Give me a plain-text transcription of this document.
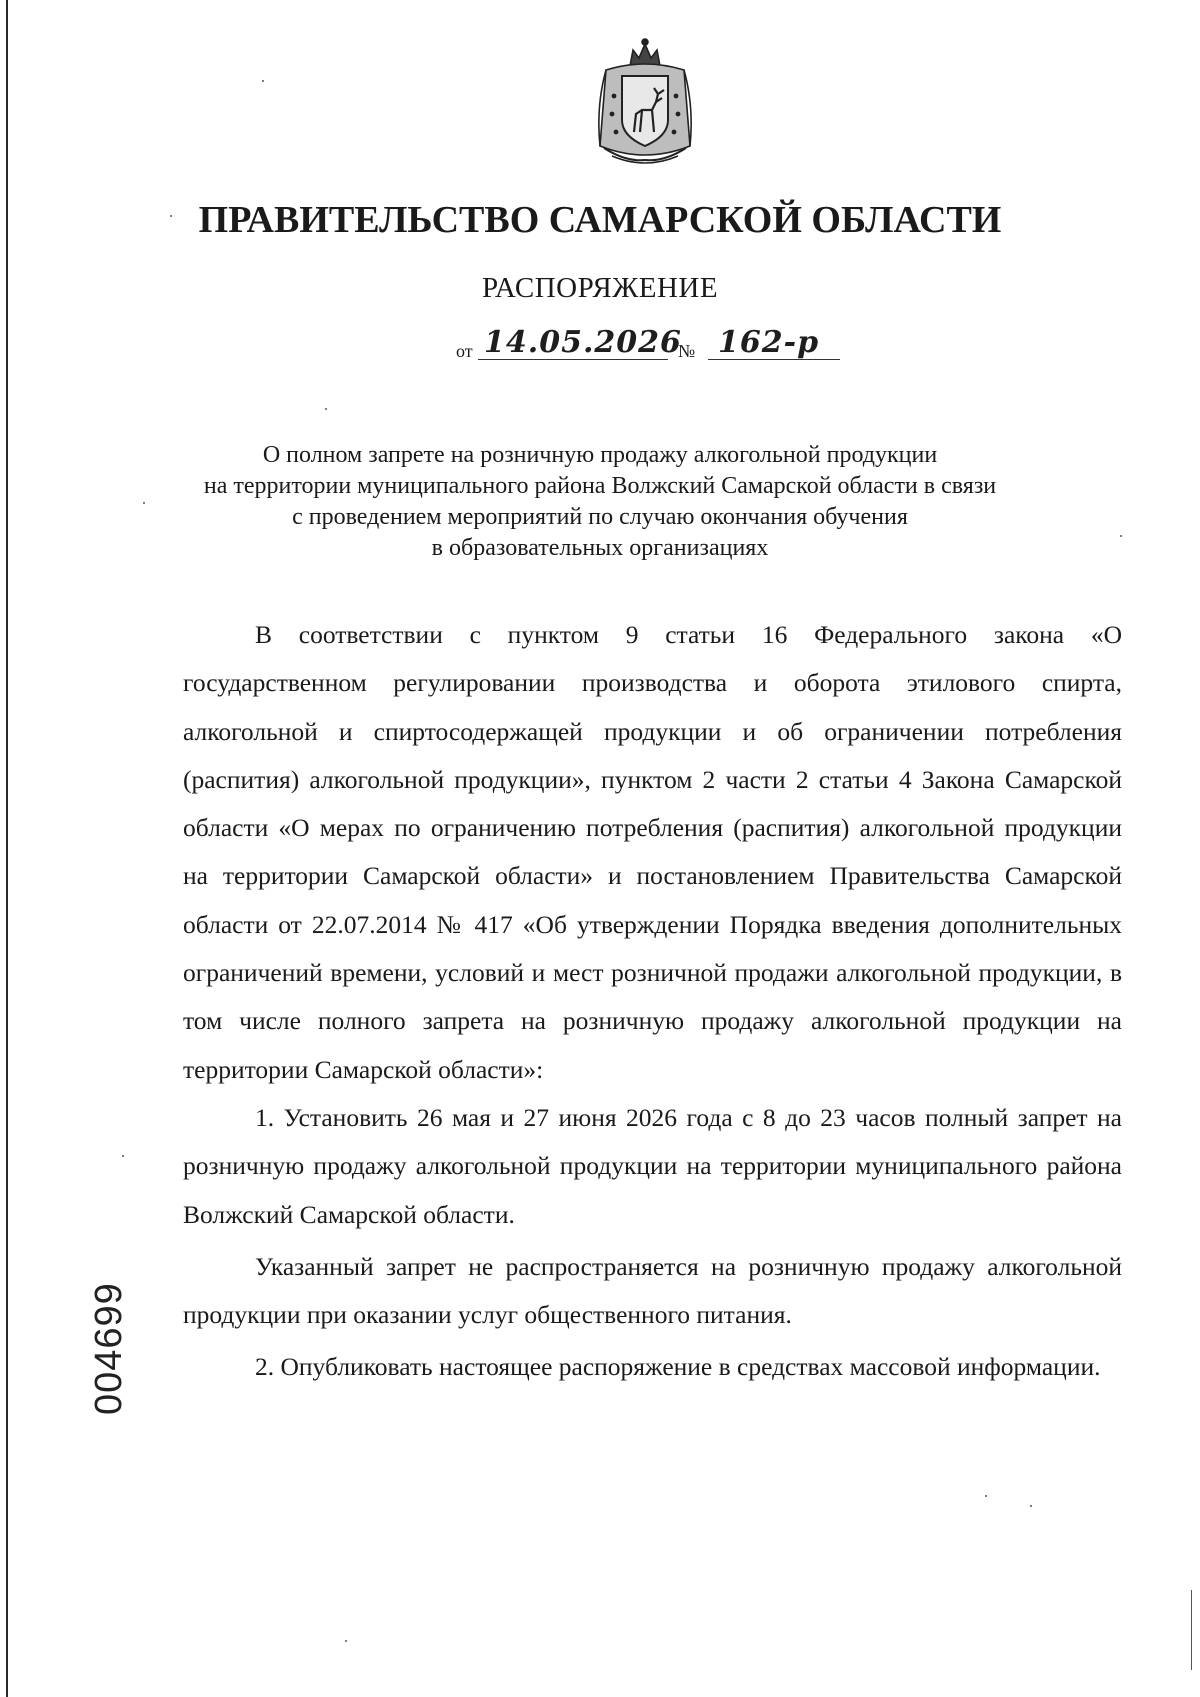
ПРАВИТЕЛЬСТВО САМАРСКОЙ ОБЛАСТИ
РАСПОРЯЖЕНИЕ
от 14.05.2026
№ 162-р
О полном запрете на розничную продажу алкогольной продукции
на территории муниципального района Волжский Самарской области в связи
с проведением мероприятий по случаю окончания обучения
в образовательных организациях

В соответствии с пунктом 9 статьи 16 Федерального закона «О государственном регулировании производства и оборота этилового спирта, алкогольной и спиртосодержащей продукции и об ограничении потребления (распития) алкогольной продукции», пунктом 2 части 2 статьи 4 Закона Самарской области «О мерах по ограничению потребления (распития) алкогольной продукции на территории Самарской области» и постановлением Правительства Самарской области от 22.07.2014 № 417 «Об утверждении Порядка введения дополнительных ограничений времени, условий и мест розничной продажи алкогольной продукции, в том числе полного запрета на розничную продажу алкогольной продукции на территории Самарской области»:

1. Установить 26 мая и 27 июня 2026 года с 8 до 23 часов полный запрет на розничную продажу алкогольной продукции на территории муниципального района Волжский Самарской области.

Указанный запрет не распространяется на розничную продажу алкогольной продукции при оказании услуг общественного питания.

2. Опубликовать настоящее распоряжение в средствах массовой информации.

004699
